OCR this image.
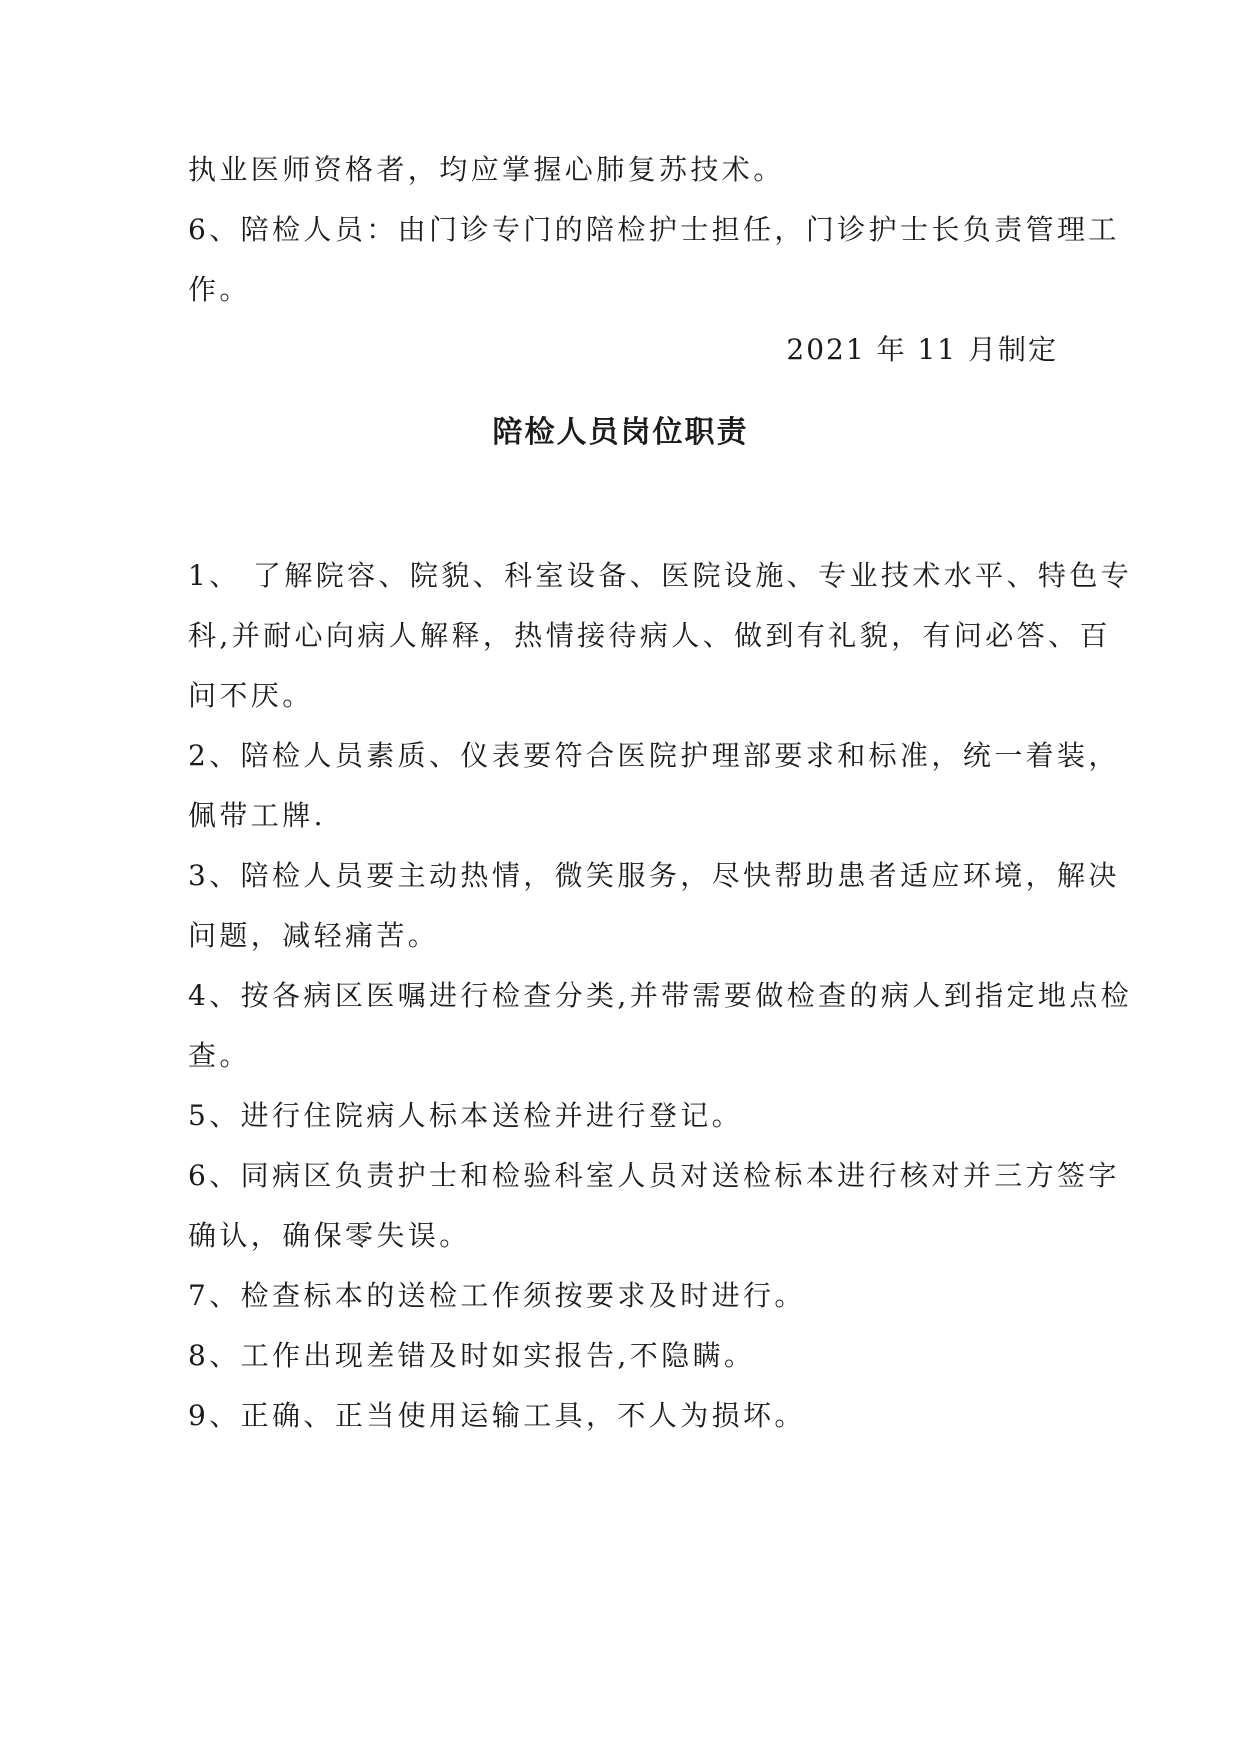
执业医师资格者，均应掌握心肺复苏技术。

6、陪检人员：由门诊专门的陪检护士担任，门诊护士长负责管理工

作。

2021 年 11 月制定

陪检人员岗位职责

1、 了解院容、院貌、科室设备、医院设施、专业技术水平、特色专

科,并耐心向病人解释，热情接待病人、做到有礼貌，有问必答、百

问不厌。

2、陪检人员素质、仪表要符合医院护理部要求和标准，统一着装，

佩带工牌.

3、陪检人员要主动热情，微笑服务，尽快帮助患者适应环境，解决

问题，减轻痛苦。

4、按各病区医嘱进行检查分类,并带需要做检查的病人到指定地点检

查。

5、进行住院病人标本送检并进行登记。

6、同病区负责护士和检验科室人员对送检标本进行核对并三方签字

确认，确保零失误。

7、检查标本的送检工作须按要求及时进行。

8、工作出现差错及时如实报告,不隐瞒。

9、正确、正当使用运输工具，不人为损坏。
